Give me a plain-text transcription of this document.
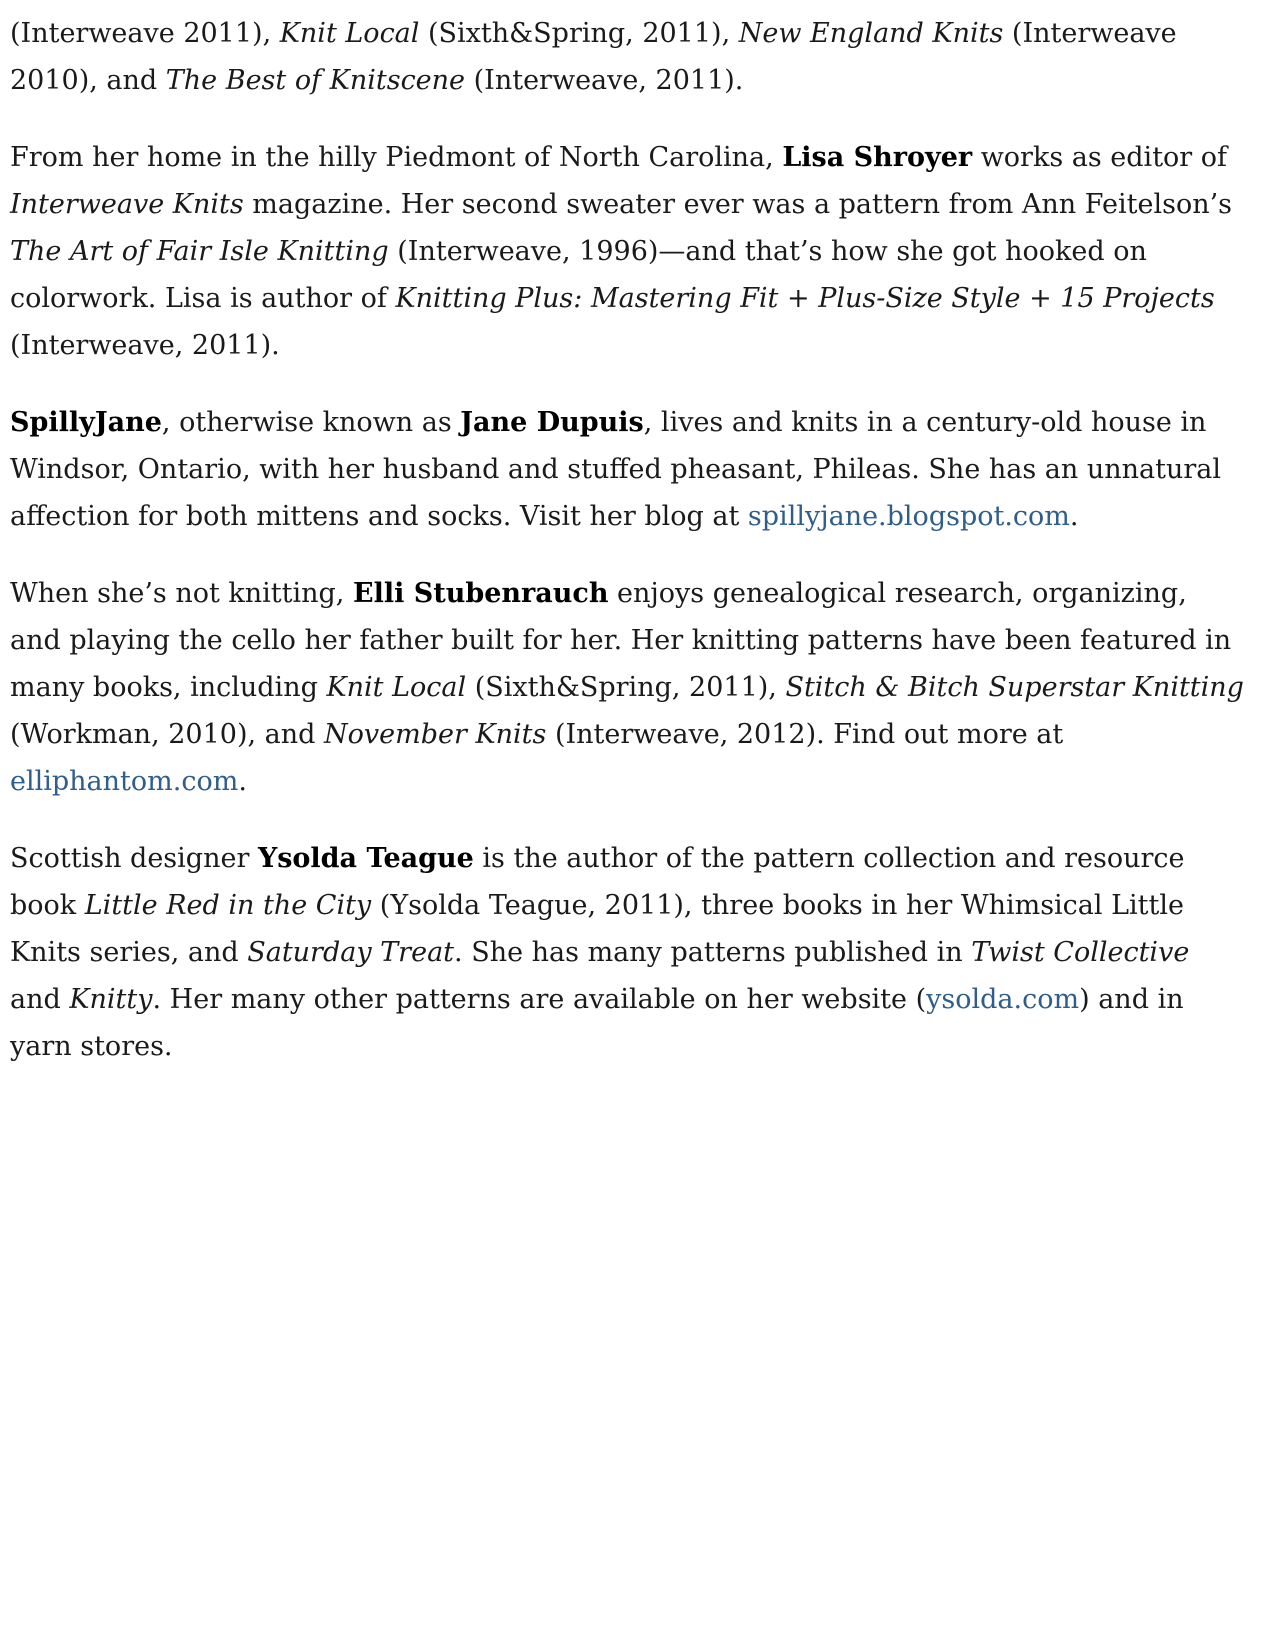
(Interweave 2011), Knit Local (Sixth&Spring, 2011), New England Knits (Interweave
2010), and The Best of Knitscene (Interweave, 2011).

From her home in the hilly Piedmont of North Carolina, Lisa Shroyer works as editor of
Interweave Knits magazine. Her second sweater ever was a pattern from Ann Feitelson’s
The Art of Fair Isle Knitting (Interweave, 1996)—and that’s how she got hooked on
colorwork. Lisa is author of Knitting Plus: Mastering Fit + Plus-Size Style + 15 Projects
(Interweave, 2011).

SpillyJane, otherwise known as Jane Dupuis, lives and knits in a century-old house in
Windsor, Ontario, with her husband and stuffed pheasant, Phileas. She has an unnatural
affection for both mittens and socks. Visit her blog at spillyjane.blogspot.com.

When she’s not knitting, Elli Stubenrauch enjoys genealogical research, organizing,
and playing the cello her father built for her. Her knitting patterns have been featured in
many books, including Knit Local (Sixth&Spring, 2011), Stitch & Bitch Superstar Knitting
(Workman, 2010), and November Knits (Interweave, 2012). Find out more at
elliphantom.com.

Scottish designer Ysolda Teague is the author of the pattern collection and resource
book Little Red in the City (Ysolda Teague, 2011), three books in her Whimsical Little
Knits series, and Saturday Treat. She has many patterns published in Twist Collective
and Knitty. Her many other patterns are available on her website (ysolda.com) and in
yarn stores.
